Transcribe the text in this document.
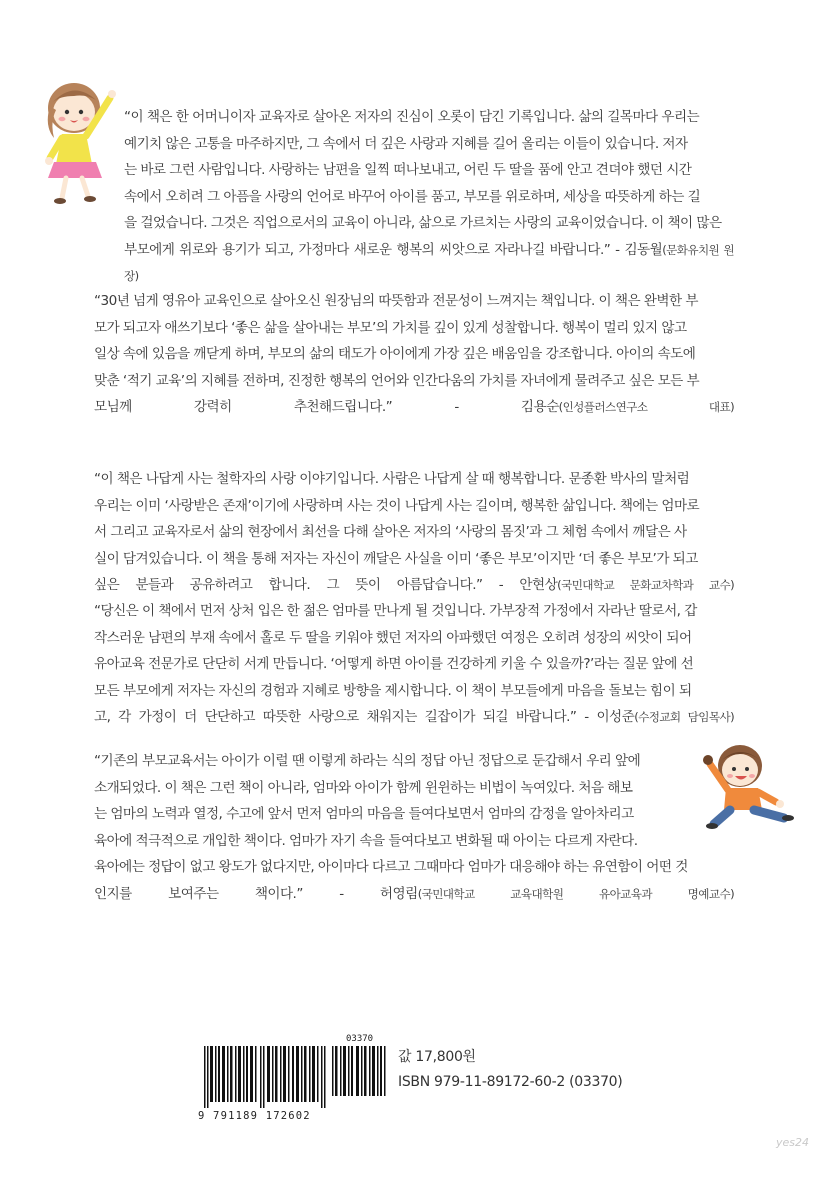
“이 책은 한 어머니이자 교육자로 살아온 저자의 진심이 오롯이 담긴 기록입니다. 삶의 길목마다 우리는

예기치 않은 고통을 마주하지만, 그 속에서 더 깊은 사랑과 지혜를 길어 올리는 이들이 있습니다. 저자

는 바로 그런 사람입니다. 사랑하는 남편을 일찍 떠나보내고, 어린 두 딸을 품에 안고 견뎌야 했던 시간

속에서 오히려 그 아픔을 사랑의 언어로 바꾸어 아이를 품고, 부모를 위로하며, 세상을 따뜻하게 하는 길

을 걸었습니다. 그것은 직업으로서의 교육이 아니라, 삶으로 가르치는 사랑의 교육이었습니다. 이 책이 많은

부모에게 위로와 용기가 되고, 가정마다 새로운 행복의 씨앗으로 자라나길 바랍니다.” - 김동월(문화유치원 원장)

“30년 넘게 영유아 교육인으로 살아오신 원장님의 따뜻함과 전문성이 느껴지는 책입니다. 이 책은 완벽한 부

모가 되고자 애쓰기보다 ‘좋은 삶을 살아내는 부모’의 가치를 깊이 있게 성찰합니다. 행복이 멀리 있지 않고

일상 속에 있음을 깨닫게 하며, 부모의 삶의 태도가 아이에게 가장 깊은 배움임을 강조합니다. 아이의 속도에

맞춘 ‘적기 교육’의 지혜를 전하며, 진정한 행복의 언어와 인간다움의 가치를 자녀에게 물려주고 싶은 모든 부

모님께 강력히 추천해드립니다.”	- 김용순(인성플러스연구소 대표)

“이 책은 나답게 사는 철학자의 사랑 이야기입니다. 사람은 나답게 살 때 행복합니다. 문종환 박사의 말처럼

우리는 이미 ‘사랑받은 존재’이기에 사랑하며 사는 것이 나답게 사는 길이며, 행복한 삶입니다. 책에는 엄마로

서 그리고 교육자로서 삶의 현장에서 최선을 다해 살아온 저자의 ‘사랑의 몸짓’과 그 체험 속에서 깨달은 사

실이 담겨있습니다. 이 책을 통해 저자는 자신이 깨달은 사실을 이미 ‘좋은 부모’이지만 ‘더 좋은 부모’가 되고

싶은 분들과 공유하려고 합니다. 그 뜻이 아름답습니다.” - 안현상(국민대학교 문화교차학과 교수)

“당신은 이 책에서 먼저 상처 입은 한 젊은 엄마를 만나게 될 것입니다. 가부장적 가정에서 자라난 딸로서, 갑

작스러운 남편의 부재 속에서 홀로 두 딸을 키워야 했던 저자의 아파했던 여정은 오히려 성장의 씨앗이 되어

유아교육 전문가로 단단히 서게 만듭니다. ‘어떻게 하면 아이를 건강하게 키울 수 있을까?’라는 질문 앞에 선

모든 부모에게 저자는 자신의 경험과 지혜로 방향을 제시합니다. 이 책이 부모들에게 마음을 돌보는 힘이 되

고, 각 가정이 더 단단하고 따뜻한 사랑으로 채워지는 길잡이가 되길 바랍니다.” - 이성준(수정교회 담임목사)

“기존의 부모교육서는 아이가 이럴 땐 이렇게 하라는 식의 정답 아닌 정답으로 둔갑해서 우리 앞에

소개되었다. 이 책은 그런 책이 아니라, 엄마와 아이가 함께 윈윈하는 비법이 녹여있다. 처음 해보

는 엄마의 노력과 열정, 수고에 앞서 먼저 엄마의 마음을 들여다보면서 엄마의 감정을 알아차리고

육아에 적극적으로 개입한 책이다. 엄마가 자기 속을 들여다보고 변화될 때 아이는 다르게 자란다.

육아에는 정답이 없고 왕도가 없다지만, 아이마다 다르고 그때마다 엄마가 대응해야 하는 유연함이 어떤 것

인지를 보여주는 책이다.”	- 허영림(국민대학교 교육대학원 유아교육과 명예교수)

03370
9 791189 172602
값 17,800원
ISBN 979-11-89172-60-2 (03370)
yes24
